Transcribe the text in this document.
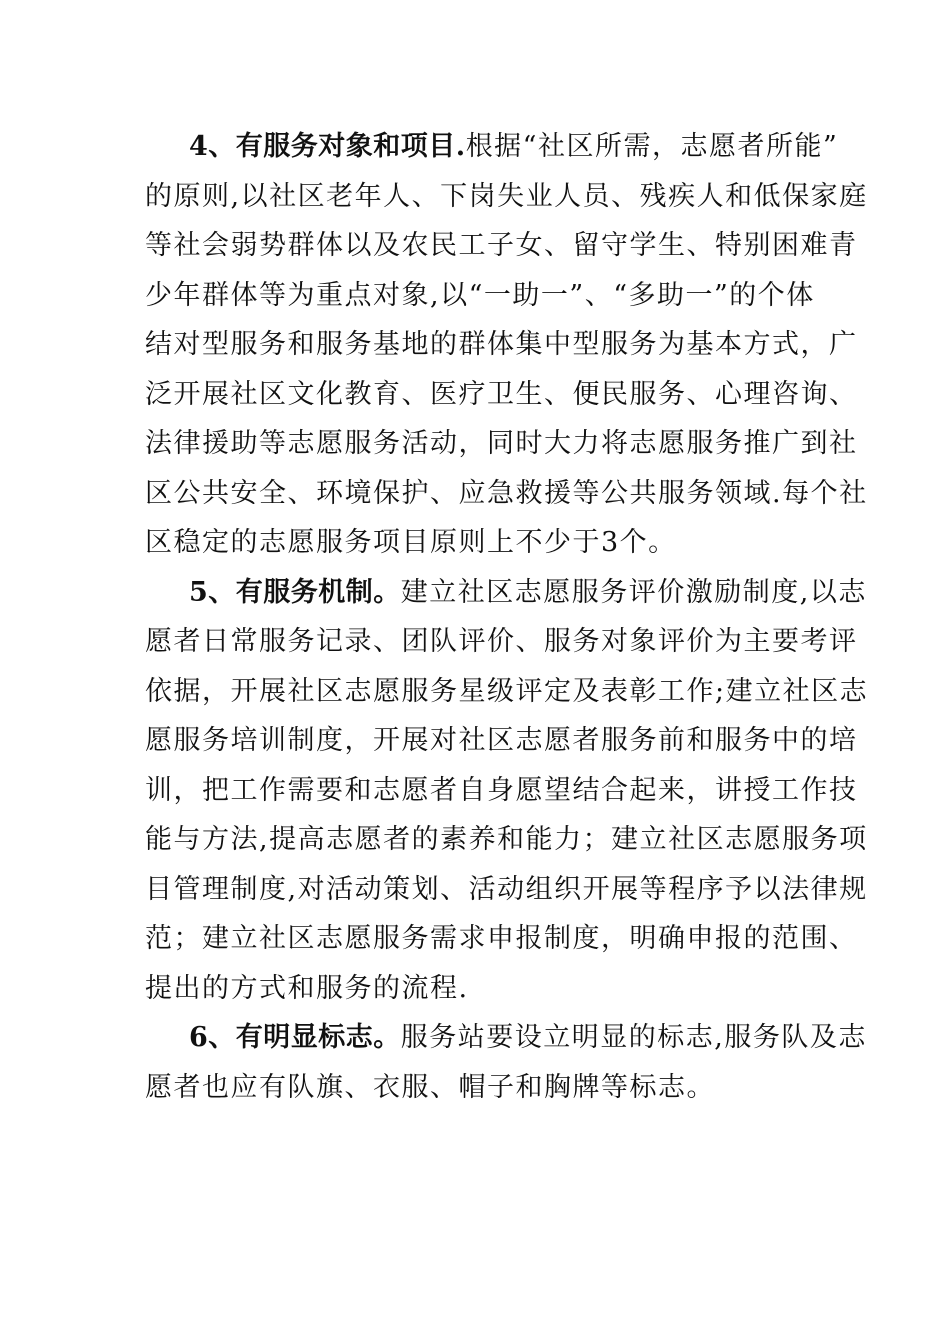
4、有服务对象和项目.根据“社区所需，志愿者所能”
的原则,以社区老年人、下岗失业人员、残疾人和低保家庭
等社会弱势群体以及农民工子女、留守学生、特别困难青
少年群体等为重点对象,以“一助一”、“多助一”的个体
结对型服务和服务基地的群体集中型服务为基本方式，广
泛开展社区文化教育、医疗卫生、便民服务、心理咨询、
法律援助等志愿服务活动，同时大力将志愿服务推广到社
区公共安全、环境保护、应急救援等公共服务领域.每个社
区稳定的志愿服务项目原则上不少于3个。
5、有服务机制。建立社区志愿服务评价激励制度,以志
愿者日常服务记录、团队评价、服务对象评价为主要考评
依据，开展社区志愿服务星级评定及表彰工作;建立社区志
愿服务培训制度，开展对社区志愿者服务前和服务中的培
训，把工作需要和志愿者自身愿望结合起来，讲授工作技
能与方法,提高志愿者的素养和能力；建立社区志愿服务项
目管理制度,对活动策划、活动组织开展等程序予以法律规
范；建立社区志愿服务需求申报制度，明确申报的范围、
提出的方式和服务的流程.
6、有明显标志。服务站要设立明显的标志,服务队及志
愿者也应有队旗、衣服、帽子和胸牌等标志。
